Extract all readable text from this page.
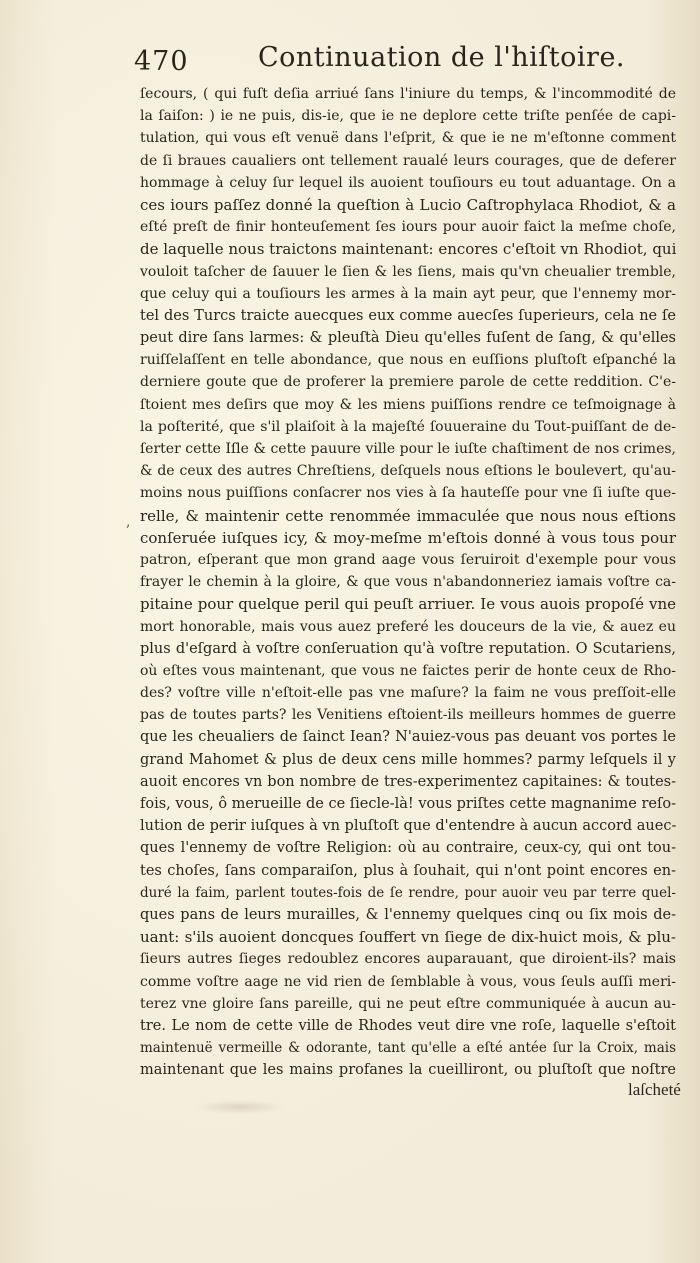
470	Continuation de l'hiſtoire.
,
ſecours, ( qui fuſt deſia arriué ſans l'iniure du temps, & l'incommodité de
la ſaiſon: ) ie ne puis, dis-ie, que ie ne deplore cette triſte penſée de capi-
tulation, qui vous eſt venuë dans l'eſprit, & que ie ne m'eſtonne comment
de ſi braues caualiers ont tellement raualé leurs courages, que de deferer
hommage à celuy ſur lequel ils auoient touſiours eu tout aduantage. On a
ces iours paſſez donné la queſtion à Lucio Caſtrophylaca Rhodiot, & a
eſté preſt de finir honteuſement ſes iours pour auoir faict la meſme choſe,
de laquelle nous traictons maintenant: encores c'eſtoit vn Rhodiot, qui
vouloit taſcher de ſauuer le ſien & les ſiens, mais qu'vn cheualier tremble,
que celuy qui a touſiours les armes à la main ayt peur, que l'ennemy mor-
tel des Turcs traicte auecques eux comme auecſes ſuperieurs, cela ne ſe
peut dire ſans larmes: & pleuſtà Dieu qu'elles fuſent de ſang, & qu'elles
ruiſſelaſſent en telle abondance, que nous en euſſions pluſtoſt eſpanché la
derniere goute que de proferer la premiere parole de cette reddition. C'e-
ſtoient mes deſirs que moy & les miens puiſſions rendre ce teſmoignage à
la poſterité, que s'il plaiſoit à la majeſté ſouueraine du Tout-puiſſant de de-
ſerter cette Iſle & cette pauure ville pour le iuſte chaſtiment de nos crimes,
& de ceux des autres Chreſtiens, deſquels nous eſtions le boulevert, qu'au-
moins nous puiſſions conſacrer nos vies à ſa hauteſſe pour vne ſi iuſte que-
relle, & maintenir cette renommée immaculée que nous nous eſtions
conſeruée iuſques icy, & moy-meſme m'eſtois donné à vous tous pour
patron, eſperant que mon grand aage vous ſeruiroit d'exemple pour vous
frayer le chemin à la gloire, & que vous n'abandonneriez iamais voſtre ca-
pitaine pour quelque peril qui peuſt arriuer. Ie vous auois propoſé vne
mort honorable, mais vous auez preferé les douceurs de la vie, & auez eu
plus d'eſgard à voſtre conſeruation qu'à voſtre reputation. O Scutariens,
où eſtes vous maintenant, que vous ne faictes perir de honte ceux de Rho-
des? voſtre ville n'eſtoit-elle pas vne maſure? la faim ne vous preſſoit-elle
pas de toutes parts? les Venitiens eſtoient-ils meilleurs hommes de guerre
que les cheualiers de ſainct Iean? N'auiez-vous pas deuant vos portes le
grand Mahomet & plus de deux cens mille hommes? parmy leſquels il y
auoit encores vn bon nombre de tres-experimentez capitaines: & toutes-
fois, vous, ô merueille de ce ſiecle-là! vous priſtes cette magnanime reſo-
lution de perir iuſques à vn pluſtoſt que d'entendre à aucun accord auec-
ques l'ennemy de voſtre Religion: où au contraire, ceux-cy, qui ont tou-
tes choſes, ſans comparaiſon, plus à ſouhait, qui n'ont point encores en-
duré la faim, parlent toutes-fois de ſe rendre, pour auoir veu par terre quel-
ques pans de leurs murailles, & l'ennemy quelques cinq ou ſix mois de-
uant: s'ils auoient doncques ſouffert vn ſiege de dix-huict mois, & plu-
ſieurs autres ſieges redoublez encores auparauant, que diroient-ils? mais
comme voſtre aage ne vid rien de ſemblable à vous, vous ſeuls auſſi meri-
terez vne gloire ſans pareille, qui ne peut eſtre communiquée à aucun au-
tre. Le nom de cette ville de Rhodes veut dire vne roſe, laquelle s'eſtoit
maintenuë vermeille & odorante, tant qu'elle a eſté antée ſur la Croix, mais
maintenant que les mains profanes la cueilliront, ou pluſtoſt que noſtre
laſcheté
